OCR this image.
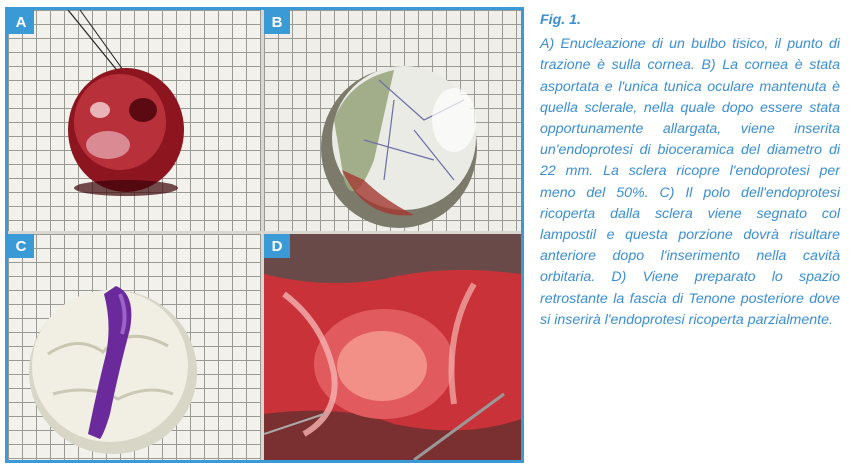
A	B
C	D
Fig. 1.
A) Enucleazione di un bulbo tisico, il punto di trazione è sulla cornea. B) La cornea è stata asportata e l'unica tunica oculare mantenuta è quella sclerale, nella quale dopo essere stata opportunamente allargata, viene inserita un'endoprotesi di bioceramica del diametro di 22 mm. La sclera ricopre l'endoprotesi per meno del 50%. C) Il polo dell'endoprotesi ricoperta dalla sclera viene segnato col lampostil e questa porzione dovrà risultare anteriore dopo l'inserimento nella cavità orbitaria. D) Viene preparato lo spazio retrostante la fascia di Tenone posteriore dove si inserirà l'endoprotesi ricoperta parzialmente.
